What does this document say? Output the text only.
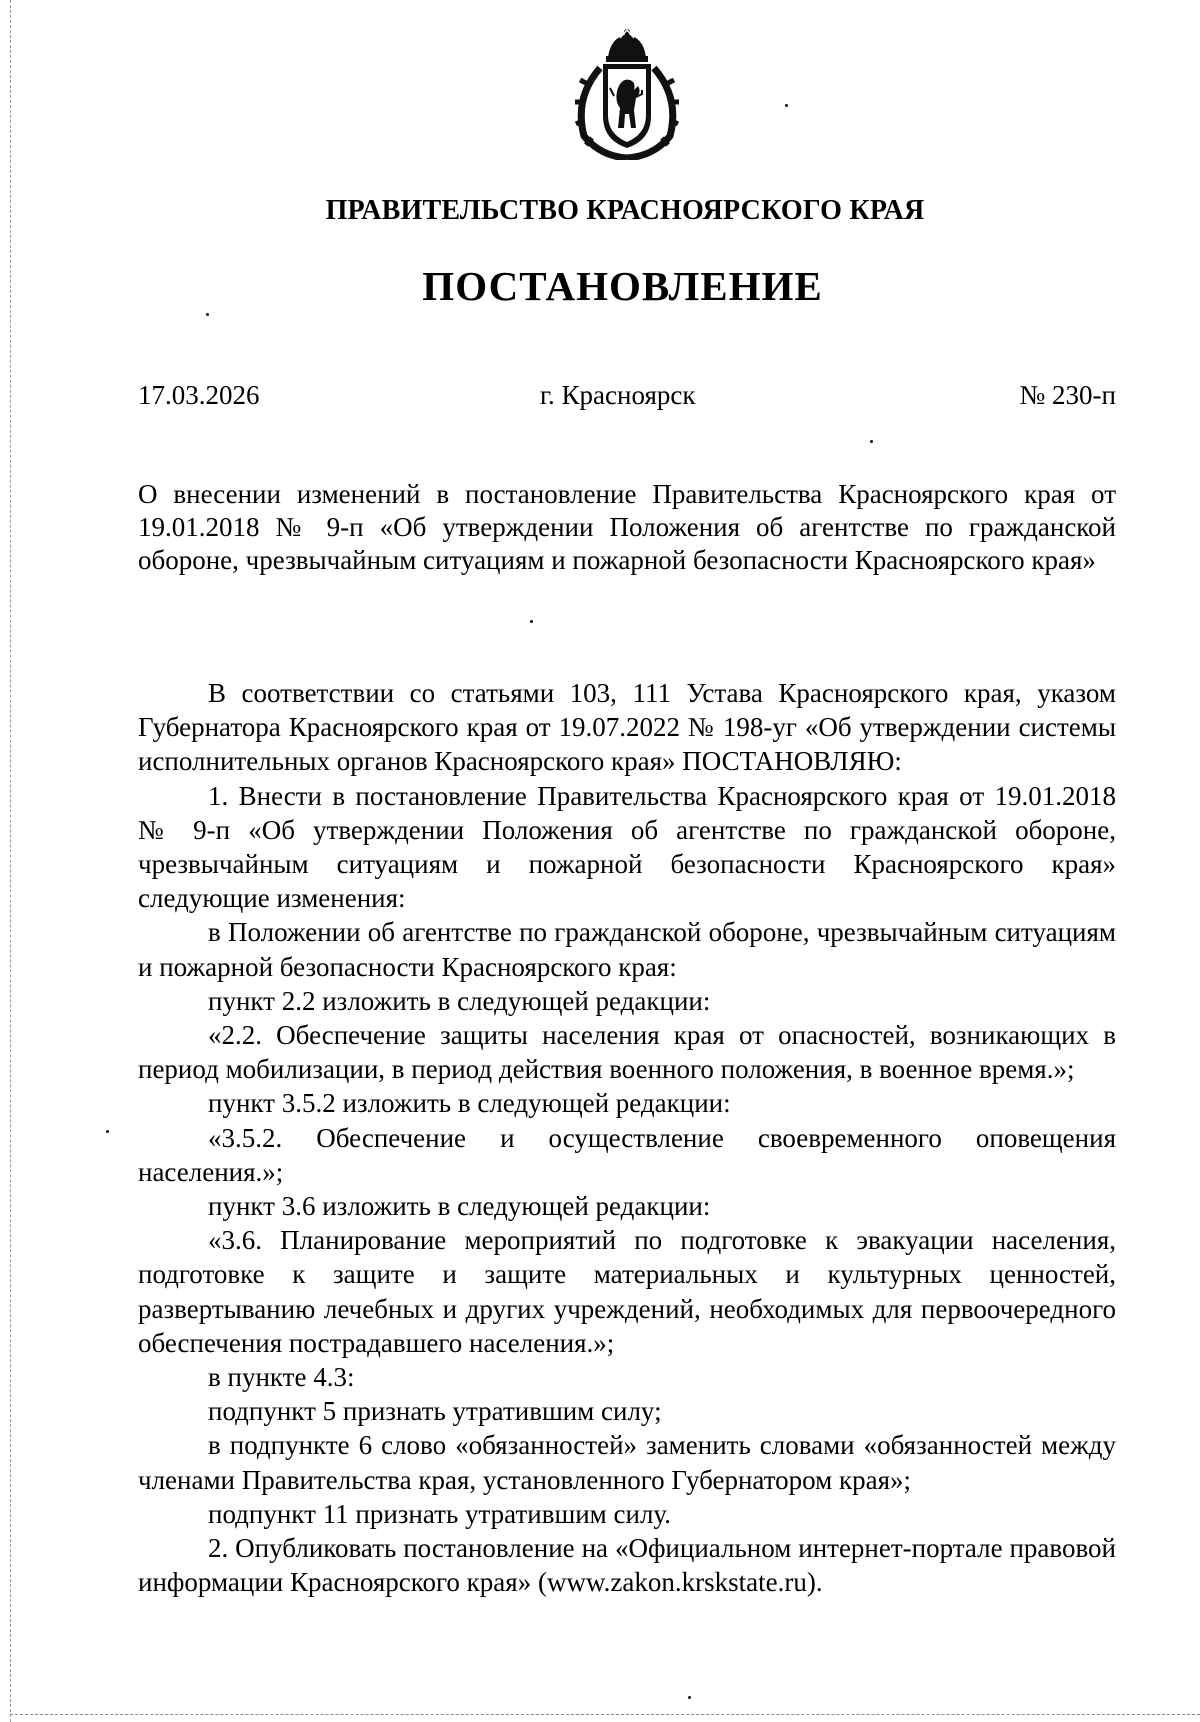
ПРАВИТЕЛЬСТВО КРАСНОЯРСКОГО КРАЯ
ПОСТАНОВЛЕНИЕ
17.03.2026	г. Красноярск	№ 230-п
О внесении изменений в постановление Правительства Красноярского края от 19.01.2018 № 9-п «Об утверждении Положения об агентстве по гражданской обороне, чрезвычайным ситуациям и пожарной безопасности Красноярского края»

В соответствии со статьями 103, 111 Устава Красноярского края, указом Губернатора Красноярского края от 19.07.2022 № 198-уг «Об утверждении системы исполнительных органов Красноярского края» ПОСТАНОВЛЯЮ:

1. Внести в постановление Правительства Красноярского края от 19.01.2018 № 9-п «Об утверждении Положения об агентстве по гражданской обороне, чрезвычайным ситуациям и пожарной безопасности Красноярского края» следующие изменения:

в Положении об агентстве по гражданской обороне, чрезвычайным ситуациям и пожарной безопасности Красноярского края:

пункт 2.2 изложить в следующей редакции:

«2.2. Обеспечение защиты населения края от опасностей, возникающих в период мобилизации, в период действия военного положения, в военное время.»;

пункт 3.5.2 изложить в следующей редакции:

«3.5.2. Обеспечение и осуществление своевременного оповещения населения.»;

пункт 3.6 изложить в следующей редакции:

«3.6. Планирование мероприятий по подготовке к эвакуации населения, подготовке к защите и защите материальных и культурных ценностей, развертыванию лечебных и других учреждений, необходимых для первоочередного обеспечения пострадавшего населения.»;

в пункте 4.3:

подпункт 5 признать утратившим силу;

в подпункте 6 слово «обязанностей» заменить словами «обязанностей между членами Правительства края, установленного Губернатором края»;

подпункт 11 признать утратившим силу.

2. Опубликовать постановление на «Официальном интернет-портале правовой информации Красноярского края» (www.zakon.krskstate.ru).
